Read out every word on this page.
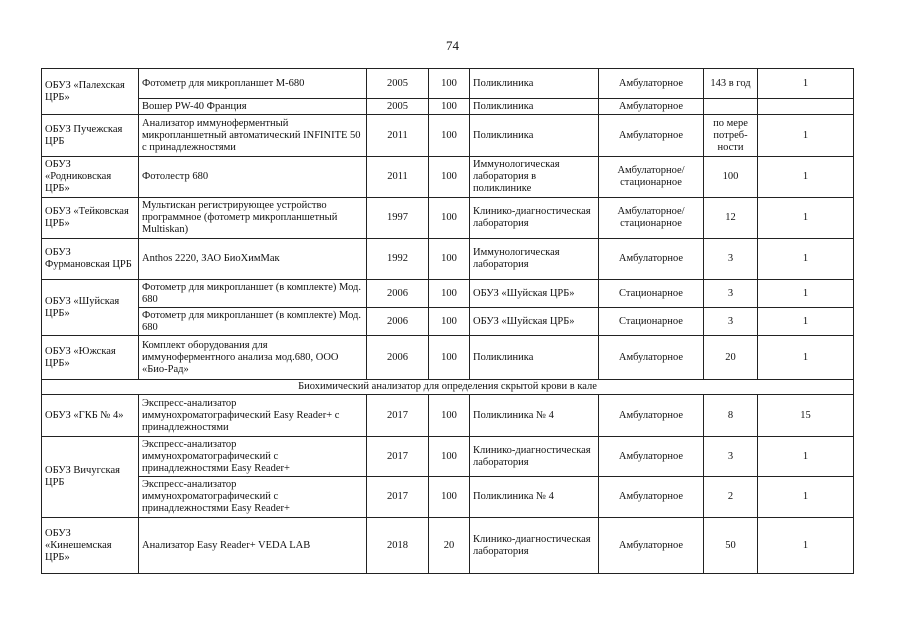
74
ОБУЗ «Палехская ЦРБ»	Фотометр для микропланшет М-680	2005	100	Поликлиника	Амбулаторное	143 в год	1
	Вошер PW-40 Франция	2005	100	Поликлиника	Амбулаторное		
ОБУЗ Пучежская ЦРБ	Анализатор иммуноферментный микропланшетный автоматический INFINITE 50 с принадлежностями	2011	100	Поликлиника	Амбулаторное	по мере потреб-ности	1
ОБУЗ «Родниковская ЦРБ»	Фотолестр 680	2011	100	Иммунологическая лаборатория в поликлинике	Амбулаторное/ стационарное	100	1
ОБУЗ «Тейковская ЦРБ»	Мультискан регистрирующее устройство программное (фотометр микропланшетный Multiskan)	1997	100	Клинико-диагностическая лаборатория	Амбулаторное/ стационарное	12	1
ОБУЗ Фурмановская ЦРБ	Anthos 2220, ЗАО БиоХимМак	1992	100	Иммунологическая лаборатория	Амбулаторное	3	1
ОБУЗ «Шуйская ЦРБ»	Фотометр для микропланшет (в комплекте) Мод. 680	2006	100	ОБУЗ «Шуйская ЦРБ»	Стационарное	3	1
	Фотометр для микропланшет (в комплекте) Мод. 680	2006	100	ОБУЗ «Шуйская ЦРБ»	Стационарное	3	1
ОБУЗ «Южская ЦРБ»	Комплект оборудования для иммуноферментного анализа мод.680, ООО «Био-Рад»	2006	100	Поликлиника	Амбулаторное	20	1
Биохимический анализатор для определения скрытой крови в кале							
ОБУЗ «ГКБ № 4»	Экспресс-анализатор иммунохроматографический Easy Reader+ с принадлежностями	2017	100	Поликлиника № 4	Амбулаторное	8	15
ОБУЗ Вичугская ЦРБ	Экспресс-анализатор иммунохроматографический с принадлежностями Easy Reader+	2017	100	Клинико-диагностическая лаборатория	Амбулаторное	3	1
	Экспресс-анализатор иммунохроматографический с принадлежностями Easy Reader+	2017	100	Поликлиника № 4	Амбулаторное	2	1
ОБУЗ «Кинешемская ЦРБ»	Анализатор Easy Reader+ VEDA LAB	2018	20	Клинико-диагностическая лаборатория	Амбулаторное	50	1
